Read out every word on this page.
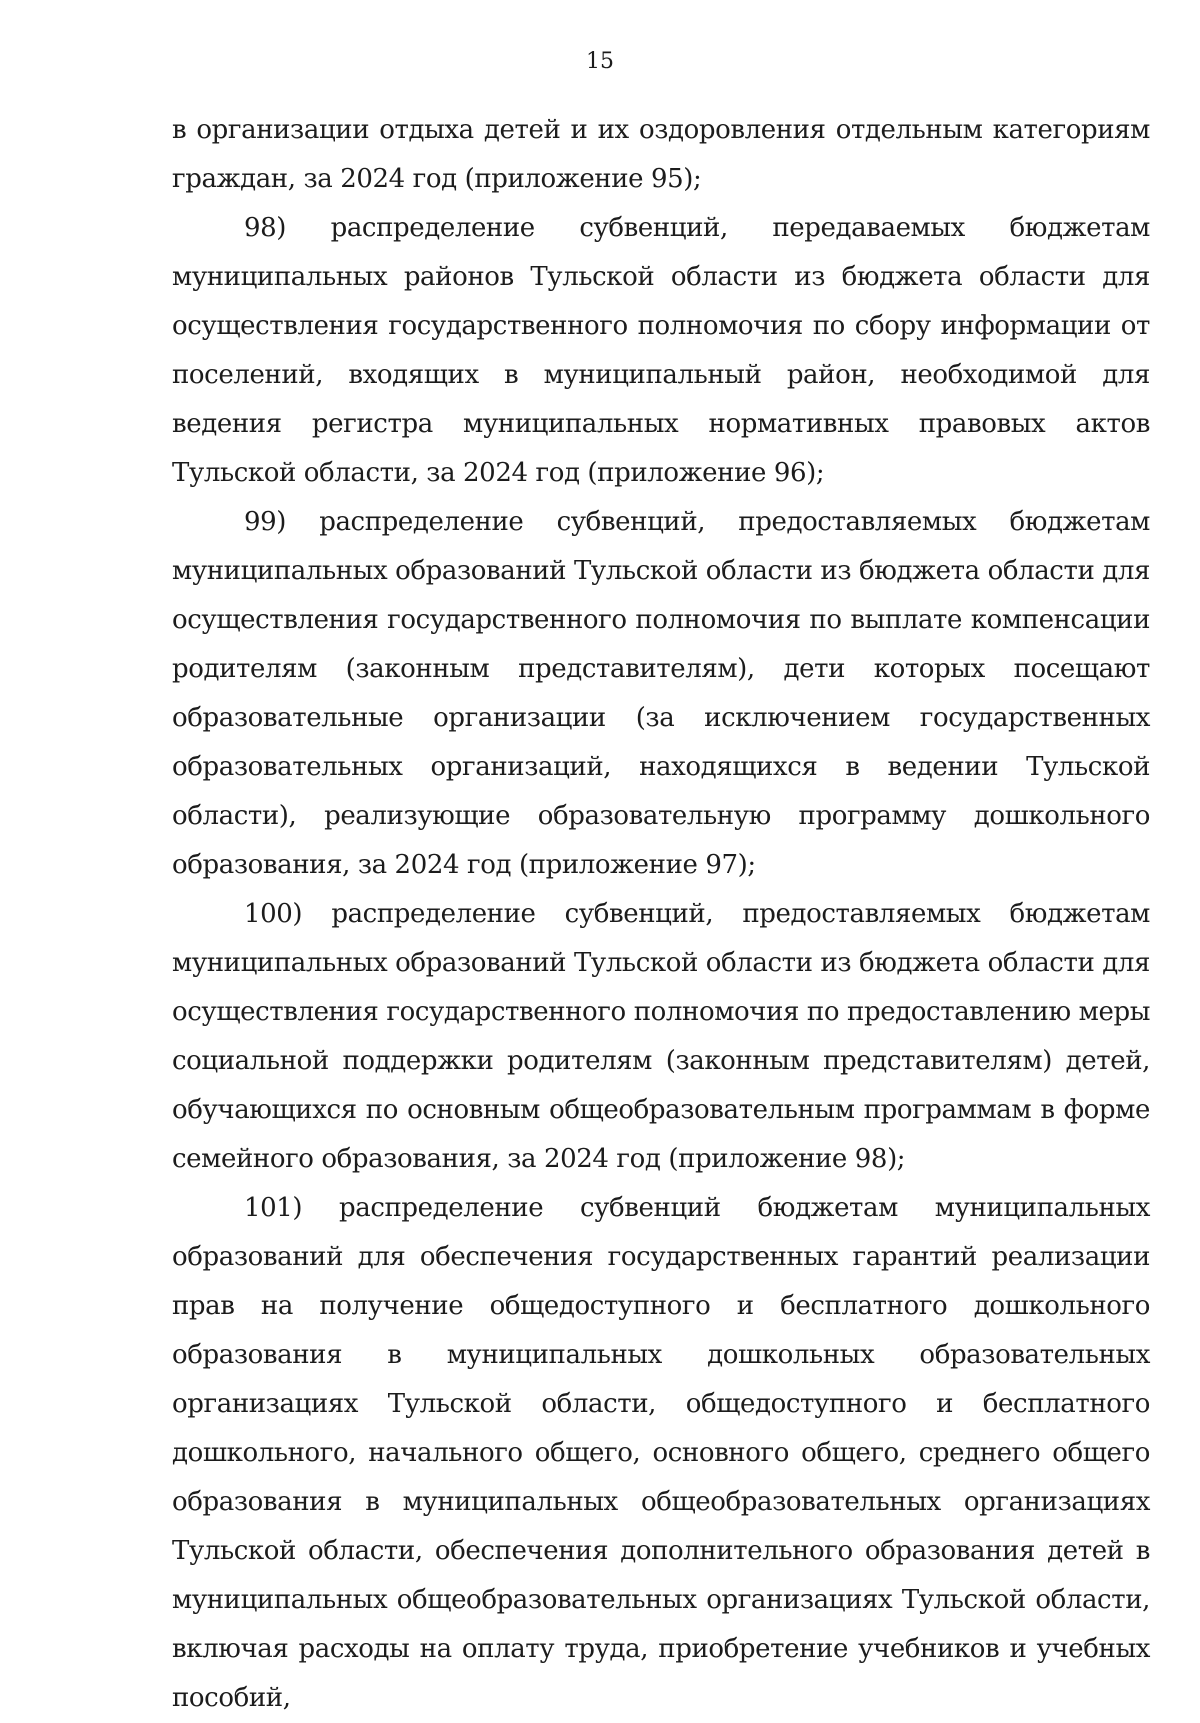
15

в организации отдыха детей и их оздоровления отдельным категориям граждан, за 2024 год (приложение 95);

98) распределение субвенций, передаваемых бюджетам муниципальных районов Тульской области из бюджета области для осуществления государственного полномочия по сбору информации от поселений, входящих в муниципальный район, необходимой для ведения регистра муниципальных нормативных правовых актов Тульской области, за 2024 год (приложение 96);

99) распределение субвенций, предоставляемых бюджетам муниципальных образований Тульской области из бюджета области для осуществления государственного полномочия по выплате компенсации родителям (законным представителям), дети которых посещают образовательные организации (за исключением государственных образовательных организаций, находящихся в ведении Тульской области), реализующие образовательную программу дошкольного образования, за 2024 год (приложение 97);

100) распределение субвенций, предоставляемых бюджетам муниципальных образований Тульской области из бюджета области для осуществления государственного полномочия по предоставлению меры социальной поддержки родителям (законным представителям) детей, обучающихся по основным общеобразовательным программам в форме семейного образования, за 2024 год (приложение 98);

101) распределение субвенций бюджетам муниципальных образований для обеспечения государственных гарантий реализации прав на получение общедоступного и бесплатного дошкольного образования в муниципальных дошкольных образовательных организациях Тульской области, общедоступного и бесплатного дошкольного, начального общего, основного общего, среднего общего образования в муниципальных общеобразовательных организациях Тульской области, обеспечения дополнительного образования детей в муниципальных общеобразовательных организациях Тульской области, включая расходы на оплату труда, приобретение учебников и учебных пособий,
